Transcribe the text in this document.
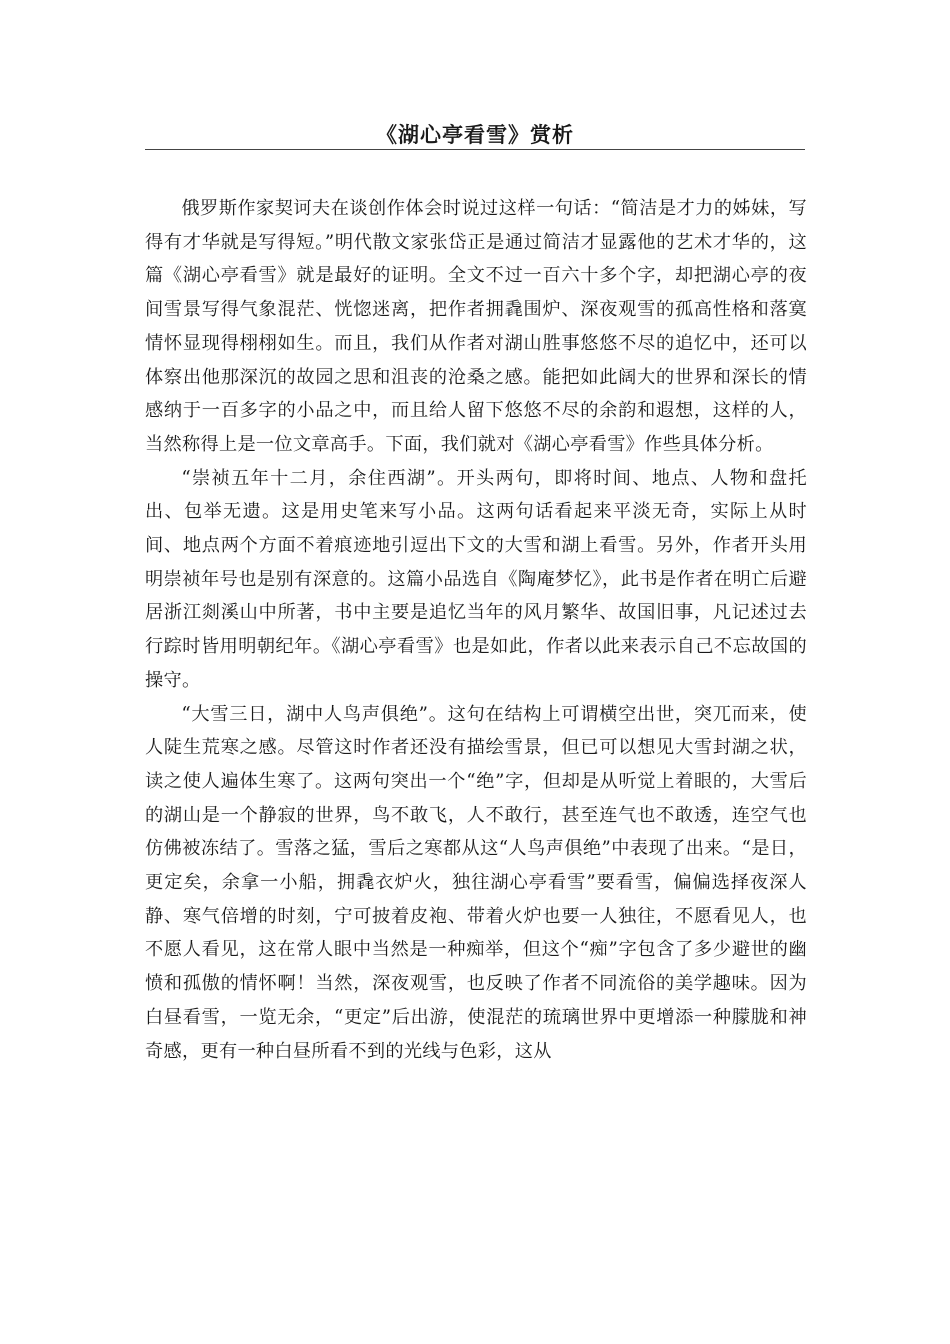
《湖心亭看雪》赏析

俄罗斯作家契诃夫在谈创作体会时说过这样一句话：“简洁是才力的姊妹，写得有才华就是写得短。”明代散文家张岱正是通过简洁才显露他的艺术才华的，这篇《湖心亭看雪》就是最好的证明。全文不过一百六十多个字，却把湖心亭的夜间雪景写得气象混茫、恍惚迷离，把作者拥毳围炉、深夜观雪的孤高性格和落寞情怀显现得栩栩如生。而且，我们从作者对湖山胜事悠悠不尽的追忆中，还可以体察出他那深沉的故园之思和沮丧的沧桑之感。能把如此阔大的世界和深长的情感纳于一百多字的小品之中，而且给人留下悠悠不尽的余韵和遐想，这样的人，当然称得上是一位文章高手。下面，我们就对《湖心亭看雪》作些具体分析。

“崇祯五年十二月，余住西湖”。开头两句，即将时间、地点、人物和盘托出、包举无遗。这是用史笔来写小品。这两句话看起来平淡无奇，实际上从时间、地点两个方面不着痕迹地引逗出下文的大雪和湖上看雪。另外，作者开头用明崇祯年号也是别有深意的。这篇小品选自《陶庵梦忆》，此书是作者在明亡后避居浙江剡溪山中所著，书中主要是追忆当年的风月繁华、故国旧事，凡记述过去行踪时皆用明朝纪年。《湖心亭看雪》也是如此，作者以此来表示自己不忘故国的操守。

“大雪三日，湖中人鸟声俱绝”。这句在结构上可谓横空出世，突兀而来，使人陡生荒寒之感。尽管这时作者还没有描绘雪景，但已可以想见大雪封湖之状，读之使人遍体生寒了。这两句突出一个“绝”字，但却是从听觉上着眼的，大雪后的湖山是一个静寂的世界，鸟不敢飞，人不敢行，甚至连气也不敢透，连空气也仿佛被冻结了。雪落之猛，雪后之寒都从这“人鸟声俱绝”中表现了出来。“是日，更定矣，余拿一小船，拥毳衣炉火，独往湖心亭看雪”要看雪，偏偏选择夜深人静、寒气倍增的时刻，宁可披着皮袍、带着火炉也要一人独往，不愿看见人，也不愿人看见，这在常人眼中当然是一种痴举，但这个“痴”字包含了多少避世的幽愤和孤傲的情怀啊！当然，深夜观雪，也反映了作者不同流俗的美学趣味。因为白昼看雪，一览无余，“更定”后出游，使混茫的琉璃世界中更增添一种朦胧和神奇感，更有一种白昼所看不到的光线与色彩，这从
